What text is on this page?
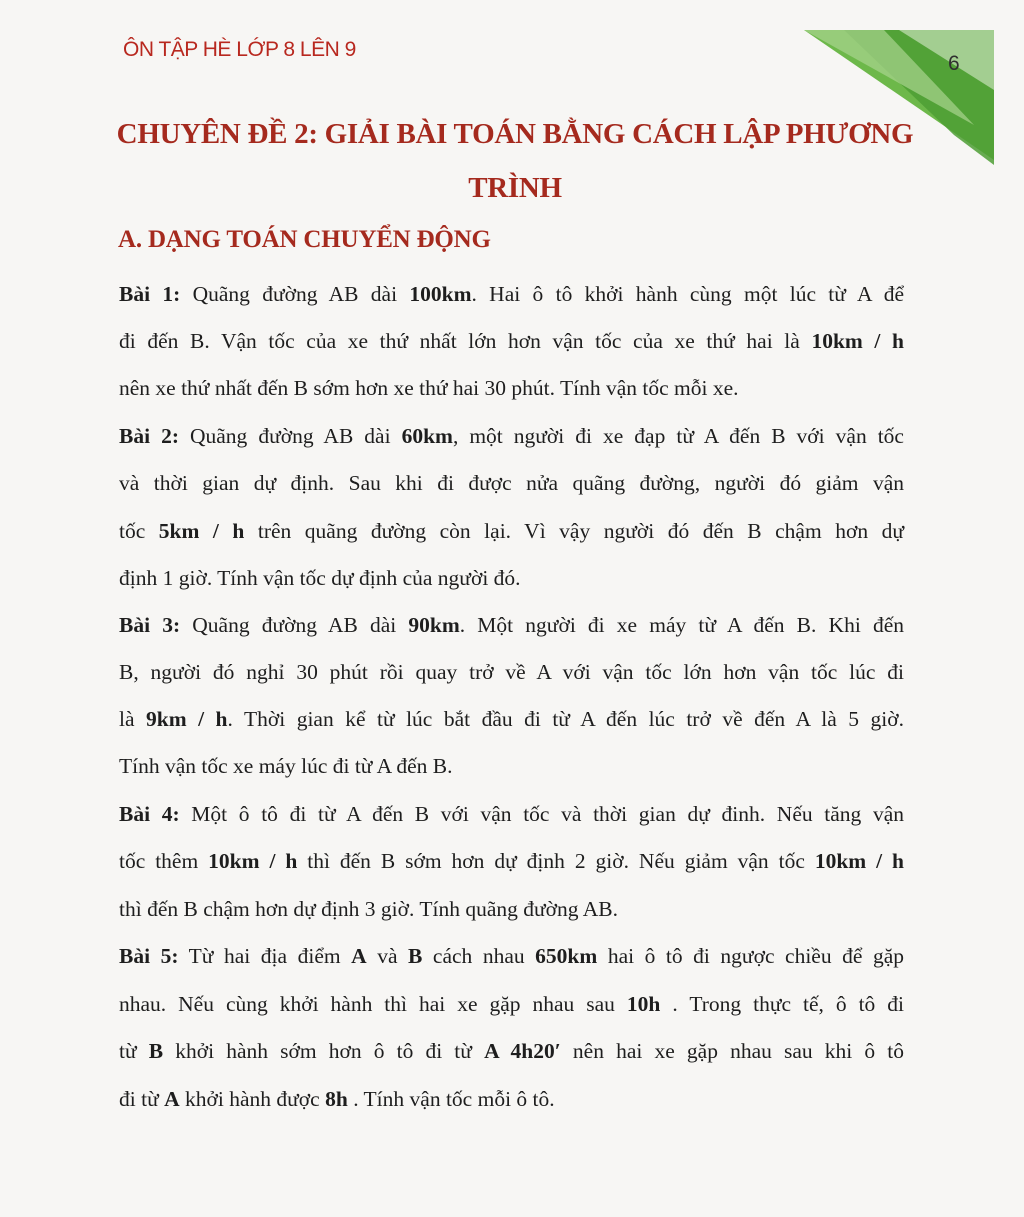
ÔN TẬP HÈ LỚP 8 LÊN 9
6
CHUYÊN ĐỀ 2: GIẢI BÀI TOÁN BẰNG CÁCH LẬP PHƯƠNG
TRÌNH
A. DẠNG TOÁN CHUYỂN ĐỘNG
Bài 1: Quãng đường AB dài 100km. Hai ô tô khởi hành cùng một lúc từ A để
đi đến B. Vận tốc của xe thứ nhất lớn hơn vận tốc của xe thứ hai là 10km / h
nên xe thứ nhất đến B sớm hơn xe thứ hai 30 phút. Tính vận tốc mỗi xe.
Bài 2: Quãng đường AB dài 60km, một người đi xe đạp từ A đến B với vận tốc
và thời gian dự định. Sau khi đi được nửa quãng đường, người đó giảm vận
tốc 5km / h trên quãng đường còn lại. Vì vậy người đó đến B chậm hơn dự
định 1 giờ. Tính vận tốc dự định của người đó.
Bài 3: Quãng đường AB dài 90km. Một người đi xe máy từ A đến B. Khi đến
B, người đó nghỉ 30 phút rồi quay trở về A với vận tốc lớn hơn vận tốc lúc đi
là 9km / h. Thời gian kể từ lúc bắt đầu đi từ A đến lúc trở về đến A là 5 giờ.
Tính vận tốc xe máy lúc đi từ A đến B.
Bài 4: Một ô tô đi từ A đến B với vận tốc và thời gian dự đinh. Nếu tăng vận
tốc thêm 10km / h thì đến B sớm hơn dự định 2 giờ. Nếu giảm vận tốc 10km / h
thì đến B chậm hơn dự định 3 giờ. Tính quãng đường AB.
Bài 5: Từ hai địa điểm A và B cách nhau 650km hai ô tô đi ngược chiều để gặp
nhau. Nếu cùng khởi hành thì hai xe gặp nhau sau 10h . Trong thực tế, ô tô đi
từ B khởi hành sớm hơn ô tô đi từ A 4h20′ nên hai xe gặp nhau sau khi ô tô
đi từ A khởi hành được 8h . Tính vận tốc mỗi ô tô.
